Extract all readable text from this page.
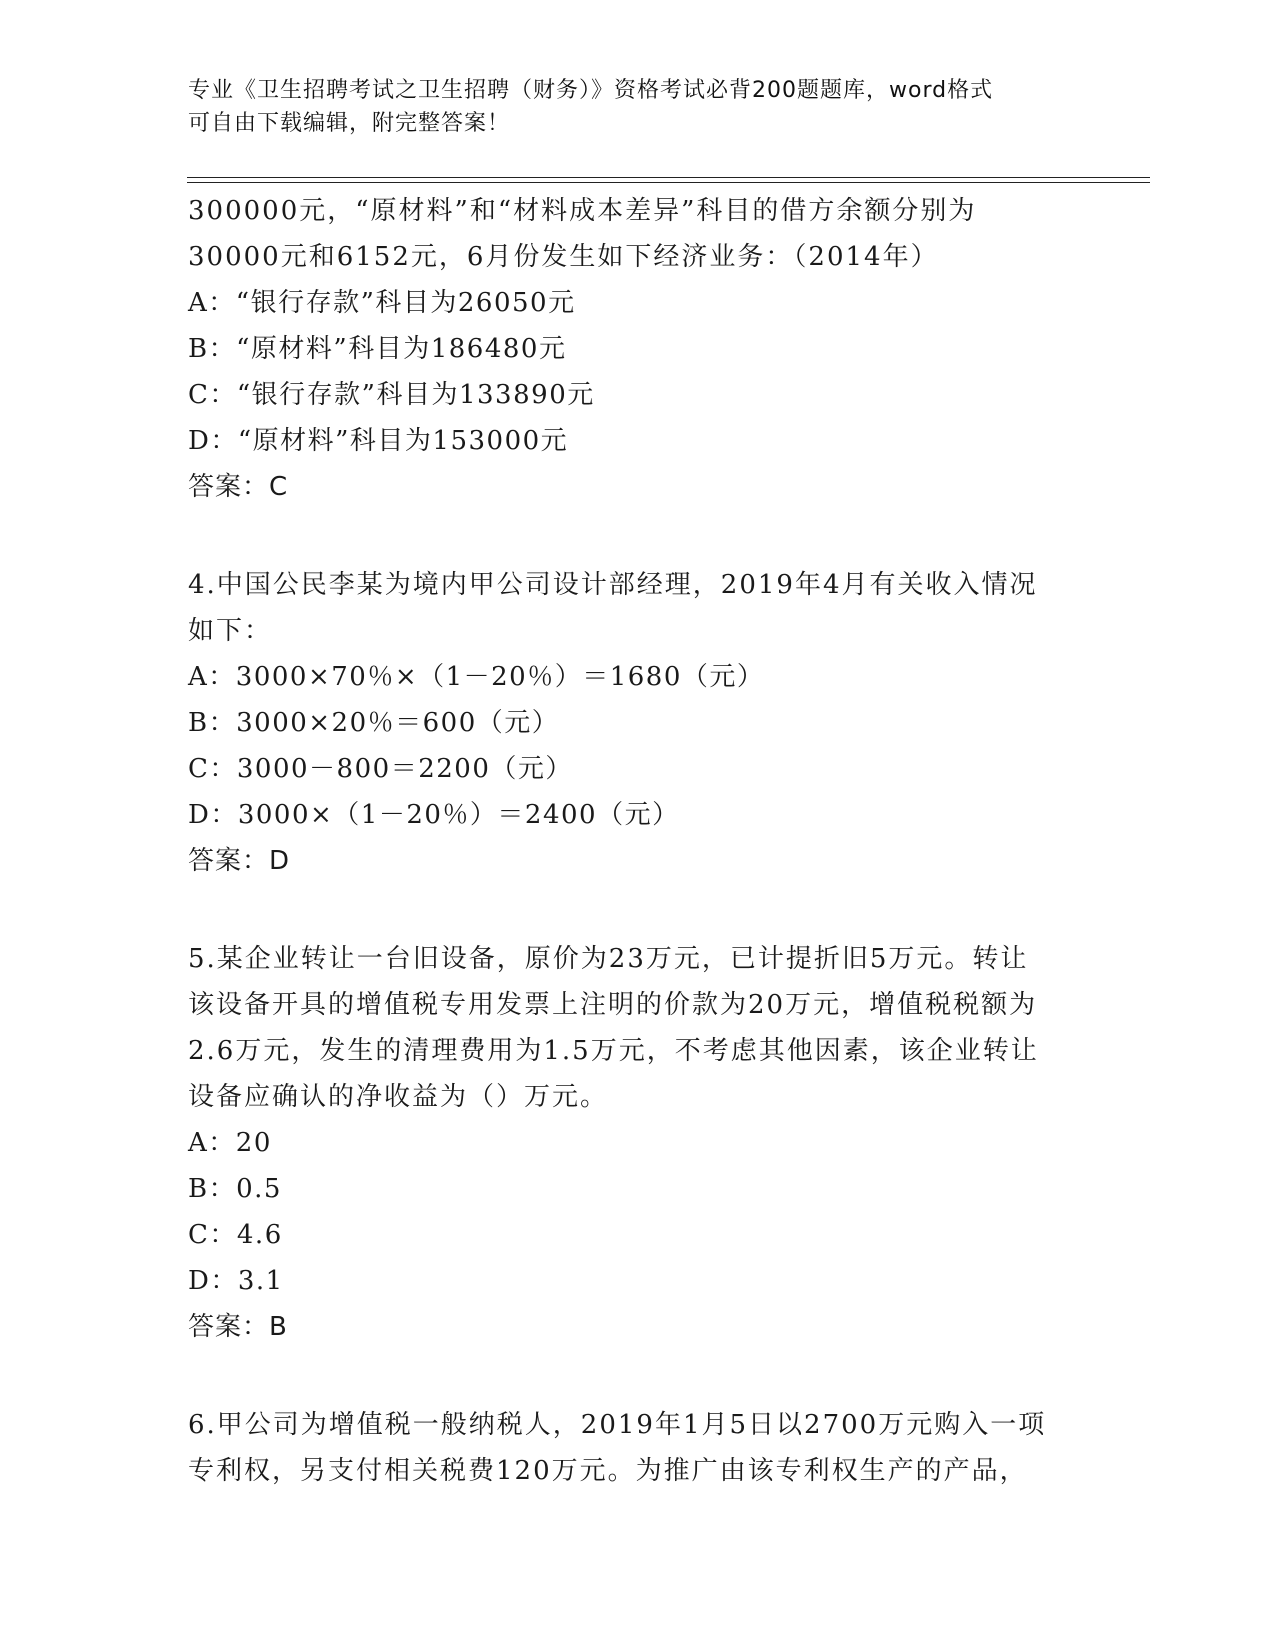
专业《卫生招聘考试之卫生招聘（财务）》资格考试必背200题题库，word格式
可自由下载编辑，附完整答案！
300000元，“原材料”和“材料成本差异”科目的借方余额分别为
30000元和6152元，6月份发生如下经济业务：（2014年）
A：“银行存款”科目为26050元
B：“原材料”科目为186480元
C：“银行存款”科目为133890元
D：“原材料”科目为153000元
答案：C
4.中国公民李某为境内甲公司设计部经理，2019年4月有关收入情况
如下：
A：3000×70％×（1－20％）＝1680（元）
B：3000×20％＝600（元）
C：3000－800＝2200（元）
D：3000×（1－20％）＝2400（元）
答案：D
5.某企业转让一台旧设备，原价为23万元，已计提折旧5万元。转让
该设备开具的增值税专用发票上注明的价款为20万元，增值税税额为
2.6万元，发生的清理费用为1.5万元，不考虑其他因素，该企业转让
设备应确认的净收益为（）万元。
A：20
B：0.5
C：4.6
D：3.1
答案：B
6.甲公司为增值税一般纳税人，2019年1月5日以2700万元购入一项
专利权，另支付相关税费120万元。为推广由该专利权生产的产品，
